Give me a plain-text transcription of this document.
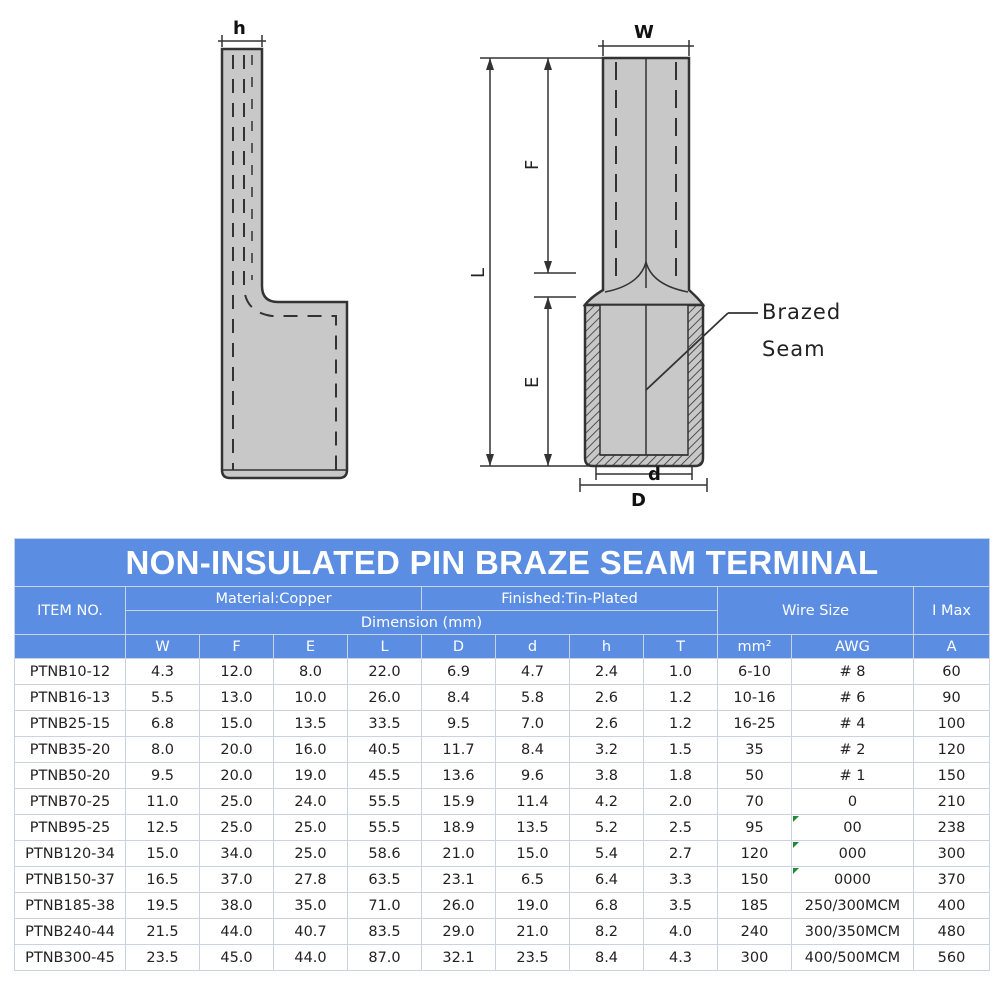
h	W
L
F
E
d
D
Brazed
Seam
NON-INSULATED PIN BRAZE SEAM TERMINAL											
ITEM NO.	Material:Copper				Finished:Tin-Plated				Wire Size		I Max
	Dimension (mm)										
	W	F	E	L	D	d	h	T	mm²	AWG	A
PTNB10-12	4.3	12.0	8.0	22.0	6.9	4.7	2.4	1.0	6-10	# 8	60
PTNB16-13	5.5	13.0	10.0	26.0	8.4	5.8	2.6	1.2	10-16	# 6	90
PTNB25-15	6.8	15.0	13.5	33.5	9.5	7.0	2.6	1.2	16-25	# 4	100
PTNB35-20	8.0	20.0	16.0	40.5	11.7	8.4	3.2	1.5	35	# 2	120
PTNB50-20	9.5	20.0	19.0	45.5	13.6	9.6	3.8	1.8	50	# 1	150
PTNB70-25	11.0	25.0	24.0	55.5	15.9	11.4	4.2	2.0	70	0	210
PTNB95-25	12.5	25.0	25.0	55.5	18.9	13.5	5.2	2.5	95	00	238
PTNB120-34	15.0	34.0	25.0	58.6	21.0	15.0	5.4	2.7	120	000	300
PTNB150-37	16.5	37.0	27.8	63.5	23.1	6.5	6.4	3.3	150	0000	370
PTNB185-38	19.5	38.0	35.0	71.0	26.0	19.0	6.8	3.5	185	250/300MCM	400
PTNB240-44	21.5	44.0	40.7	83.5	29.0	21.0	8.2	4.0	240	300/350MCM	480
PTNB300-45	23.5	45.0	44.0	87.0	32.1	23.5	8.4	4.3	300	400/500MCM	560
